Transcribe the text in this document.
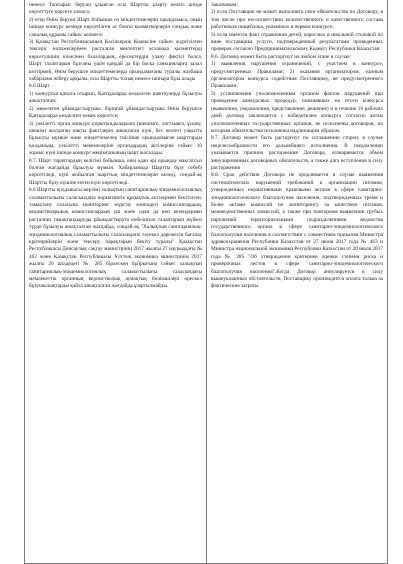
немесе Тапсырыс беруші ұсынған осы Шартты ұзарту келесі шінде көрсеттуге көрсете алмаса;

2) егер Өнім беруші Шарт бойынша өз міндеттемелерін орындамаса, оның ішінде конкурс кезінде көрсетілген ас блогы қызметкерлерін сондық және саналық құрамы сайкес келмесе;

3) Қазақстан Республикасының Кәсіпкерлік Кодексіне сайкес жүргізілген тексеріс нәтижелерімен расталған мектептегі асханада қызметтерді көрсетушінің кінәсінен балалардың, ересектердің улану фактісі болса, Шарт талаптарын бұзғаны үшін қандай да бір басқа санкцияларға залал келтірмей, Өнім берушіге міндеттемелерді орындамағаны туралы жазбаша хабарлама жіберу арқылы, осы Шартты толық немесе ішінара бұза алады

8.6.Шарт

1) конкурска қатыса отырып, Қағидаларда көзделген шектеулерді бұзылуы анықталған;

2) жекелеген ұйымдастырушы, біріңғай ұйымдастырушы Өнім берушіге Қағидаларда көзделген көмек көрсетсе;

3) уәкілетті орган конкурс қорытындыларына (шешімге, хаттамаға, ұсыну, шешім) жолдаған нақты фактілерін анықтаған күні, бес кезтегі уақытта бұзылуы мүмкін және міндеттемелер тиісінше орындалмаған шарттарды қолданады, уәкілетті мекемелеріне органдардың актілеріне сәйкес 10 жұмыс күні ішінде конкурс жеңімпазының шарт жасалады.

8.7. Шарт тараптардың келісімі бойынша, оны одан әрі орындау мақсатсыз болған жағдайда бұзылуы мүмкін. Хабарламада Шартты бұзу себебі көрсетіледі, күні жойылған шарттың міндеттемелерін келеді, сондай-ақ Шартты бұзу күшіне енген күні көрсетіледі.

8.8 Шартты қолданысы мерзімі халықтың санитариялық-эпидемиологиялық саламаттылығы саласындағы нормативтік құқықтық актілермен бекітілген, тамақтану саласына мониторинг жүргізу жөніндегі комиссиялардың, ведомствоаралық комиссиялардың үш және одан да көп кезеңдермен расталған тамақтандыруды ұйымдастыруға көбелиғын талаптарын жүйелі түрде бұзылуы анықталған жағдайда, сондай-ақ "Халықтың санитариялық-эпидемиологиялық саламаттылығы саласындағы тәуекел дәрежесін бағалау критерийлерін және тексеру парақтарын бекіту туралы" Қазақстан Республикасы Денсаулық сақтау министрінің 2017 жылғы 27 наурыздағы № 463 және Қазақстан Республикасы Ұлттық экономика министрінің 2017 жылғы 20 шілдедегі № 285 бірлескен бұйрығына сәйкес халықтың санитариялық-эпидемиологиялық саламаттылығы саласындағы мемлекеттік органның ведомстволық аумақтық бөлімшілері өрескел бұзушылықтарды қайта анықталған жағдайда ұзартылмайды.

Заказчиком;

2) если Поставщик не может выполнить свои обязательства по Договору, в том числе при несоответствии количественного и качественного состава работников пищеблока, указанных в первом конкурсе;

3) если имеется факт отравления детей, взрослых в школьной столовой по вине поставщика услуги, подтвержденный результатами проведенных проверок согласно Предпринимательскому Кодексу Республики Казахстан.

8.6. Договор может быть расторгнут на любом этапе в случае:

1) выявления нарушения ограничений, с участием в конкурсе, предусмотренных Правилами; 2) оказания организатором, единым организатором конкурса содействия Поставщику, не предусмотренного Правилами;

3) установления уполномоченным органом фактов нарушений при проведении конкурсных процедур, повлиявших на итоги конкурса (выявления, уведомления, представление, решение) и в течение 10 рабочих дней договор заключается с победителем конкурса согласно актам уполномоченных государственных органов, не исполнены договоров, по которым обязательства исполнены надлежащим образом.

8.7. Договор может быть расторгнут по соглашению сторон, в случае нецелесообразности его дальнейшего исполнения. В уведомлении указывается причина расторжения Договора, оговаривается объем аннулированных договорных обязательств, а также дата вступления в силу расторжения

8.8. Срок действия Договора не продлевается в случае выявления систематических нарушений требований к организации питания, утвержденных нормативными правовыми актами в сфере санитарно-эпидемиологического благополучия населения, подтвержденных тремя и более актами комиссий по мониторингу за качеством питания, межведомственных комиссий, а также при повторном выявлении грубых нарушений территориальными подразделениями ведомства государственного органа в сфере санитарно-эпидемиологического благополучия населения в соответствии с совместным приказом Министра здравоохранения Республики Казахстан от 27 июня 2017 года № 463 и Министра национальной экономики Республики Казахстан от 20 июля 2017 года № 285 "Об утверждении критериев оценки степени риска и проверочных листов в сфере санитарно-эпидемиологического благополучия населения".Когда Договор аннулируется в силу вышеуказанных обстоятельств, Поставщику производится оплата только за фактические затраты
